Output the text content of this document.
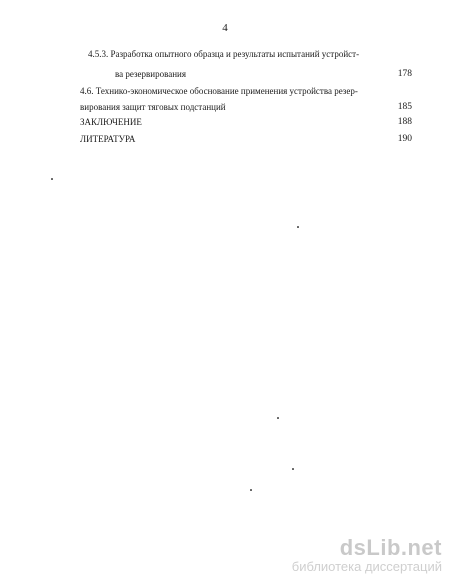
4
4.5.3. Разработка опытного образца и результаты испытаний устройст-
ва резервирования	178
4.6. Технико-экономическое обоснование применения устройства резер-
вирования защит тяговых подстанций	185
ЗАКЛЮЧЕНИЕ	188
ЛИТЕРАТУРА	190
dsLib.net
библиотека диссертаций
